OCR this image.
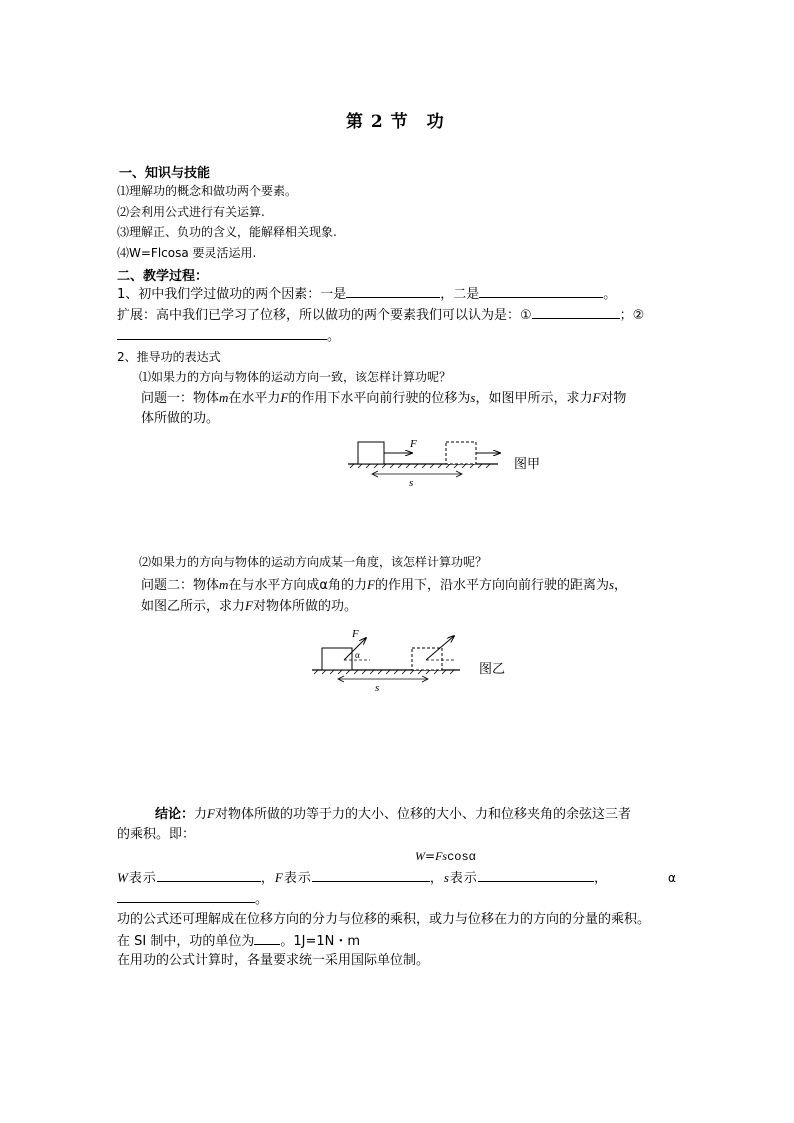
第 2 节　功
一、知识与技能
⑴理解功的概念和做功两个要素。
⑵会利用公式进行有关运算.
⑶理解正、负功的含义，能解释相关现象.
⑷W=Flcosa 要灵活运用.
二、教学过程：
1、初中我们学过做功的两个因素：一是	，二是	。
扩展：高中我们已学习了位移，所以做功的两个要素我们可以认为是：①	；②
。
2、推导功的表达式
⑴如果力的方向与物体的运动方向一致，该怎样计算功呢？
问题一：物体m在水平力F的作用下水平向前行驶的位移为s，如图甲所示，求力F对物
体所做的功。
F
s
图甲
⑵如果力的方向与物体的运动方向成某一角度，该怎样计算功呢？
问题二：物体m在与水平方向成α角的力F的作用下，沿水平方向向前行驶的距离为s，
如图乙所示，求力F对物体所做的功。
F
α
s
图乙
结论：力F对物体所做的功等于力的大小、位移的大小、力和位移夹角的余弦这三者
的乘积。即：
W=Fscosα
W表示	，F表示	，s表示	，	α
。
功的公式还可理解成在位移方向的分力与位移的乘积，或力与位移在力的方向的分量的乘积。
在 SI 制中，功的单位为 。1J=1N・m
在用功的公式计算时，各量要求统一采用国际单位制。
